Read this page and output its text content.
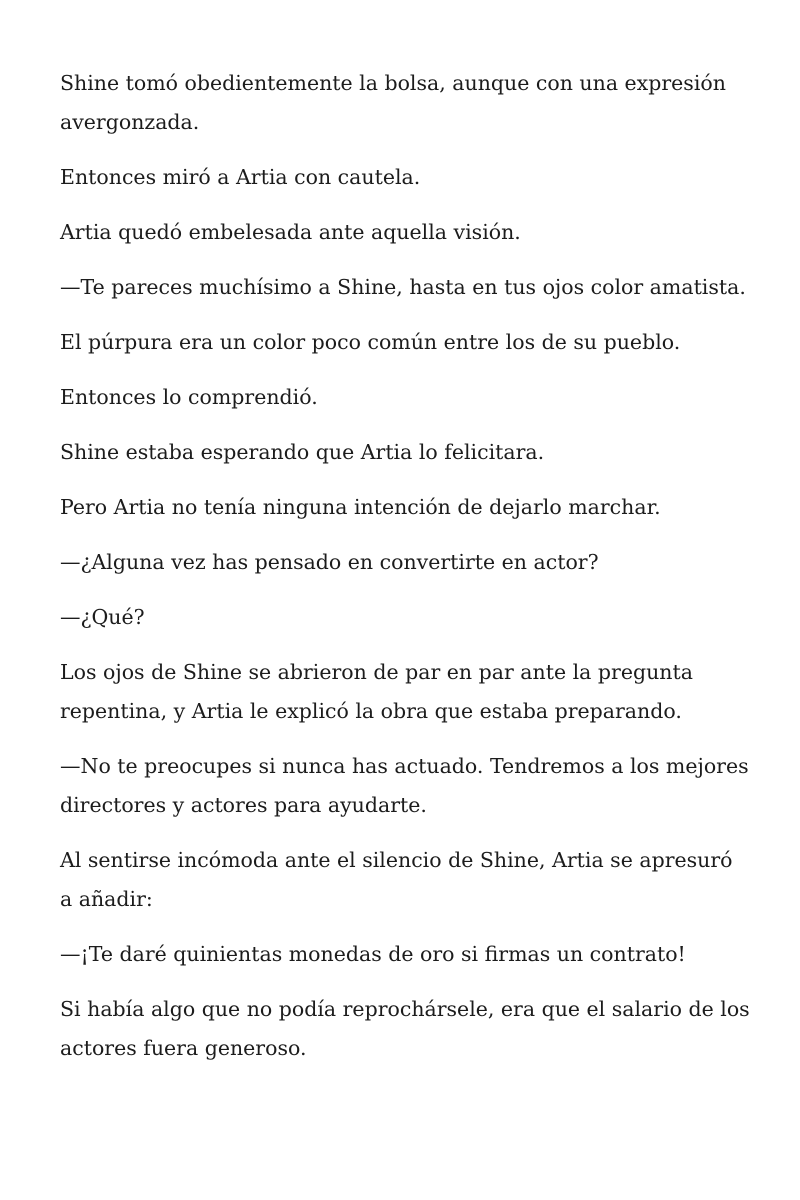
Shine tomó obedientemente la bolsa, aunque con una expresión avergonzada.

Entonces miró a Artia con cautela.

Artia quedó embelesada ante aquella visión.

—Te pareces muchísimo a Shine, hasta en tus ojos color amatista.

El púrpura era un color poco común entre los de su pueblo.

Entonces lo comprendió.

Shine estaba esperando que Artia lo felicitara.

Pero Artia no tenía ninguna intención de dejarlo marchar.

—¿Alguna vez has pensado en convertirte en actor?

—¿Qué?

Los ojos de Shine se abrieron de par en par ante la pregunta repentina, y Artia le explicó la obra que estaba preparando.

—No te preocupes si nunca has actuado. Tendremos a los mejores directores y actores para ayudarte.

Al sentirse incómoda ante el silencio de Shine, Artia se apresuró a añadir:

—¡Te daré quinientas monedas de oro si firmas un contrato!

Si había algo que no podía reprochársele, era que el salario de los actores fuera generoso.
